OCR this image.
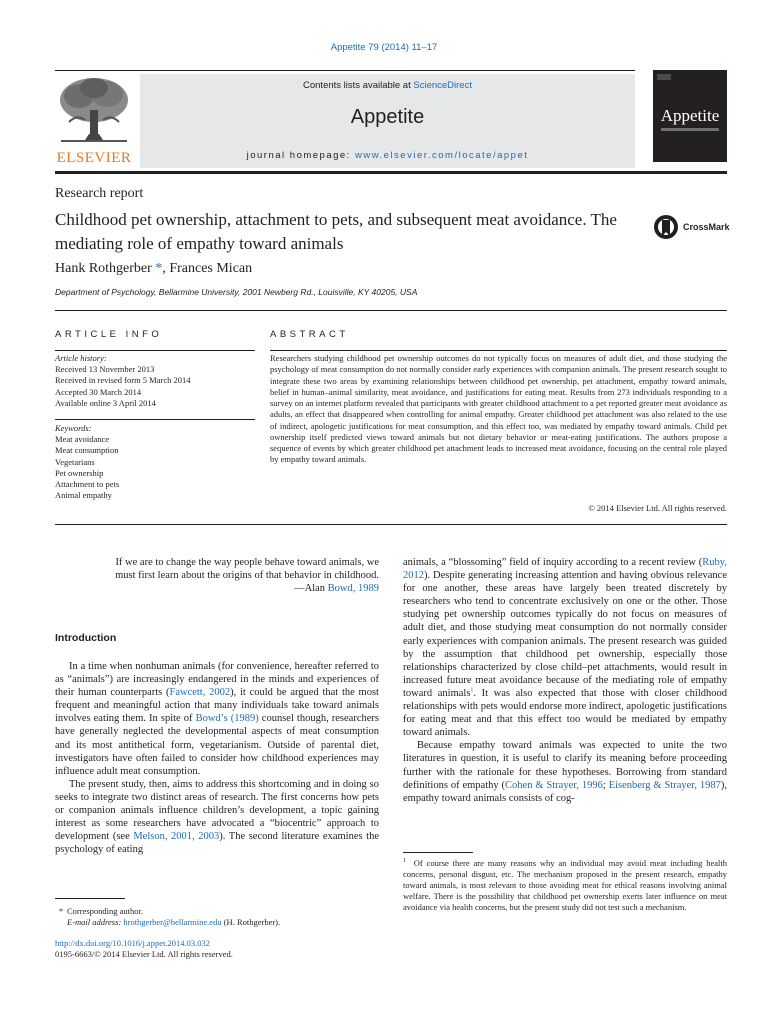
Appetite 79 (2014) 11–17
ELSEVIER
Contents lists available at ScienceDirect
Appetite
journal homepage: www.elsevier.com/locate/appet
Appetite
Research report
Childhood pet ownership, attachment to pets, and subsequent meat avoidance. The mediating role of empathy toward animals
CrossMark
Hank Rothgerber *, Frances Mican
Department of Psychology, Bellarmine University, 2001 Newberg Rd., Louisville, KY 40205, USA
ARTICLE INFO
Article history:
Received 13 November 2013
Received in revised form 5 March 2014
Accepted 30 March 2014
Available online 3 April 2014
Keywords:
Meat avoidance
Meat consumption
Vegetarians
Pet ownership
Attachment to pets
Animal empathy
ABSTRACT
Researchers studying childhood pet ownership outcomes do not typically focus on measures of adult diet, and those studying the psychology of meat consumption do not normally consider early experiences with companion animals. The present research sought to integrate these two areas by examining relationships between childhood pet ownership, pet attachment, empathy toward animals, belief in human–animal similarity, meat avoidance, and justifications for eating meat. Results from 273 individuals responding to a survey on an internet platform revealed that participants with greater childhood attachment to a pet reported greater meat avoidance as adults, an effect that disappeared when controlling for animal empathy. Greater childhood pet attachment was also related to the use of indirect, apologetic justifications for meat consumption, and this effect too, was mediated by empathy toward animals. Child pet ownership itself predicted views toward animals but not dietary behavior or meat-eating justifications. The authors propose a sequence of events by which greater childhood pet attachment leads to increased meat avoidance, focusing on the central role played by empathy toward animals.
© 2014 Elsevier Ltd. All rights reserved.
If we are to change the way people behave toward animals, we
must first learn about the origins of that behavior in childhood.
—Alan Bowd, 1989
Introduction

In a time when nonhuman animals (for convenience, hereafter referred to as “animals”) are increasingly endangered in the minds and experiences of their human counterparts (Fawcett, 2002), it could be argued that the most frequent and meaningful action that many individuals take toward animals involves eating them. In spite of Bowd’s (1989) counsel though, researchers have generally neglected the developmental aspects of meat consumption and its most antithetical form, vegetarianism. Outside of parental diet, investigators have often failed to consider how childhood experiences may influence adult meat consumption.

The present study, then, aims to address this shortcoming and in doing so seeks to integrate two distinct areas of research. The first concerns how pets or companion animals influence children’s development, a topic gaining interest as some researchers have advocated a “biocentric” approach to development (see Melson, 2001, 2003). The second literature examines the psychology of eating

animals, a “blossoming” field of inquiry according to a recent review (Ruby, 2012). Despite generating increasing attention and having obvious relevance for one another, these areas have largely been treated discretely by researchers who tend to concentrate exclusively on one or the other. Those studying pet ownership outcomes typically do not focus on measures of adult diet, and those studying meat consumption do not normally consider early experiences with companion animals. The present research was guided by the assumption that childhood pet ownership, especially those relationships characterized by close child–pet attachments, would result in increased future meat avoidance because of the mediating role of empathy toward animals$^1$. It was also expected that those with closer childhood relationships with pets would endorse more indirect, apologetic justifications for eating meat and that this effect too would be mediated by empathy toward animals.

Because empathy toward animals was expected to unite the two literatures in question, it is useful to clarify its meaning before proceeding further with the rationale for these hypotheses. Borrowing from standard definitions of empathy (Cohen & Strayer, 1996; Eisenberg & Strayer, 1987), empathy toward animals consists of cog-

* Corresponding author.
E-mail address: hrothgerber@bellarmine.edu (H. Rothgerber).
http://dx.doi.org/10.1016/j.appet.2014.03.032
0195-6663/© 2014 Elsevier Ltd. All rights reserved.
$^1$ Of course there are many reasons why an individual may avoid meat including health concerns, personal disgust, etc. The mechanism proposed in the present research, empathy toward animals, is most relevant to those avoiding meat for ethical reasons involving animal welfare. There is the possibility that childhood pet ownership exerts later influence on meat avoidance via health concerns, but the present study did not test such a mechanism.
